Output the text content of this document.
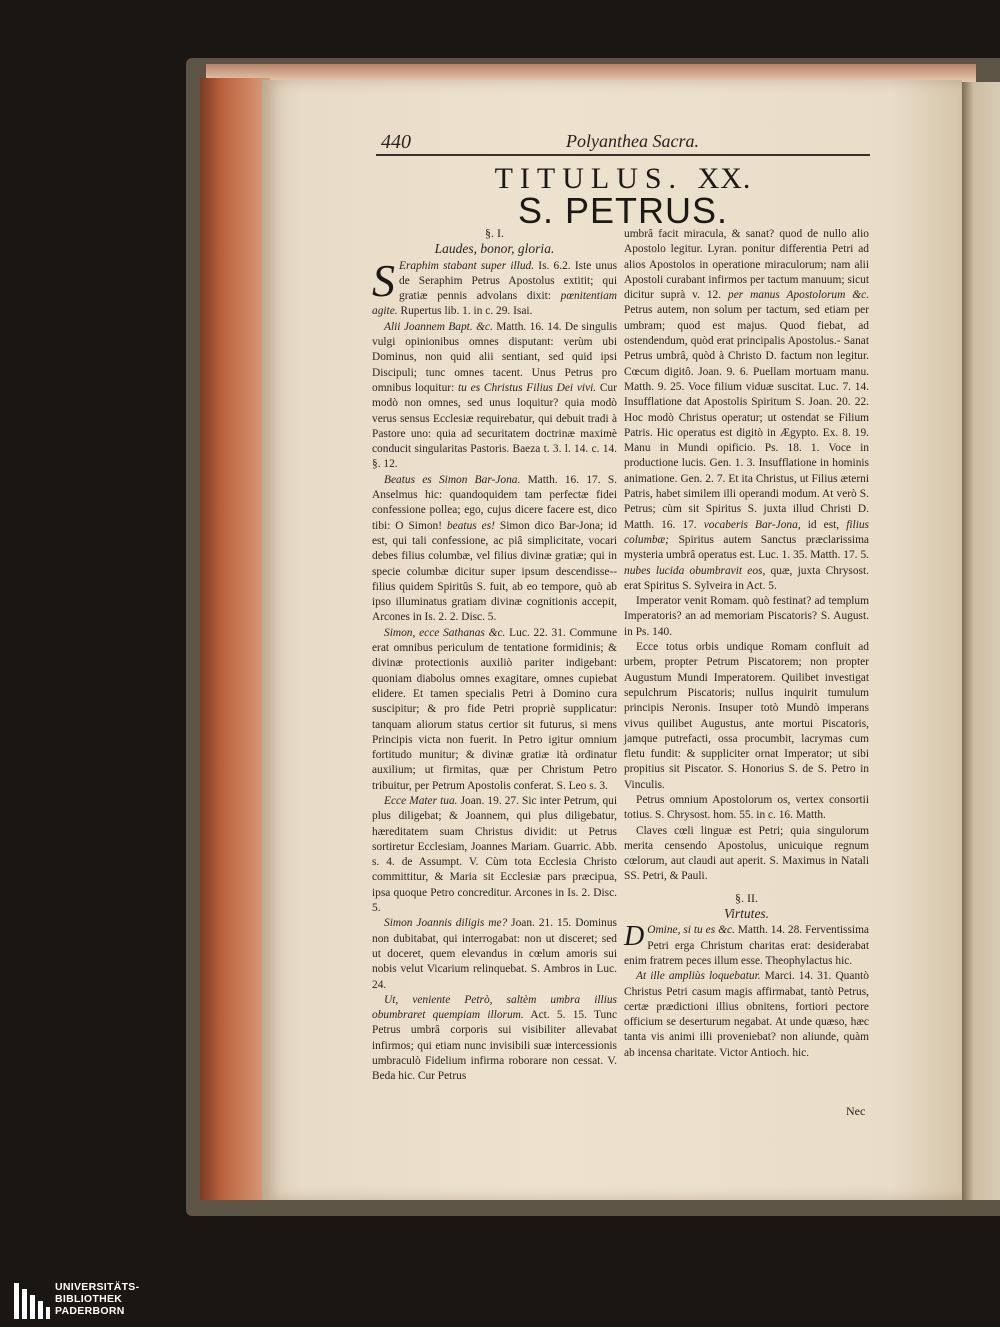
440	Polyanthea Sacra.
TITULUS. XX.
S. PETRUS.

§. I.

Laudes, bonor, gloria.

S Eraphim stabant super illud. Is. 6.2. Iste unus de Seraphim Petrus Apostolus extitit; qui gratiæ pennis advolans dixit: pœnitentiam agite. Rupertus lib. 1. in c. 29. Isai.

Alii Joannem Bapt. &c. Matth. 16. 14. De singulis vulgi opinionibus omnes disputant: verùm ubi Dominus, non quid alii sentiant, sed quid ipsi Discipuli; tunc omnes tacent. Unus Petrus pro omnibus loquitur: tu es Christus Filius Dei vivi. Cur modò non omnes, sed unus loquitur? quia modò verus sensus Ecclesiæ requirebatur, qui debuit tradi à Pastore uno: quia ad securitatem doctrinæ maximè conducit singularitas Pastoris. Baeza t. 3. l. 14. c. 14. §. 12.

Beatus es Simon Bar-Jona. Matth. 16. 17. S. Anselmus hic: quandoquidem tam perfectæ fidei confessione pollea; ego, cujus dicere facere est, dico tibi: O Simon! beatus es! Simon dico Bar-Jona; id est, qui tali confessione, ac piâ simplicitate, vocari debes filius columbæ, vel filius divinæ gratiæ; qui in specie columbæ dicitur super ipsum descendisse-- filius quidem Spiritûs S. fuit, ab eo tempore, quò ab ipso illuminatus gratiam divinæ cognitionis accepit, Arcones in Is. 2. 2. Disc. 5.

Simon, ecce Sathanas &c. Luc. 22. 31. Commune erat omnibus periculum de tentatione formidinis; & divinæ protectionis auxiliò pariter indigebant: quoniam diabolus omnes exagitare, omnes cupiebat elidere. Et tamen specialis Petri à Domino cura suscipitur; & pro fide Petri propriè supplicatur: tanquam aliorum status certior sit futurus, si mens Principis victa non fuerit. In Petro igitur omnium fortitudo munitur; & divinæ gratiæ ità ordinatur auxilium; ut firmitas, quæ per Christum Petro tribuitur, per Petrum Apostolis conferat. S. Leo s. 3.

Ecce Mater tua. Joan. 19. 27. Sic inter Petrum, qui plus diligebat; & Joannem, qui plus diligebatur, hæreditatem suam Christus dividit: ut Petrus sortiretur Ecclesiam, Joannes Mariam. Guarric. Abb. s. 4. de Assumpt. V. Cùm tota Ecclesia Christo committitur, & Maria sit Ecclesiæ pars præcipua, ipsa quoque Petro concreditur. Arcones in Is. 2. Disc. 5.

Simon Joannis diligis me? Joan. 21. 15. Dominus non dubitabat, qui interrogabat: non ut disceret; sed ut doceret, quem elevandus in cœlum amoris sui nobis velut Vicarium relinquebat. S. Ambros in Luc. 24.

Ut, veniente Petrò, saltèm umbra illius obumbraret quempiam illorum. Act. 5. 15. Tunc Petrus umbrâ corporis sui visibiliter allevabat infirmos; qui etiam nunc invisibili suæ intercessionis umbraculò Fidelium infirma roborare non cessat. V. Beda hic. Cur Petrus

umbrâ facit miracula, & sanat? quod de nullo alio Apostolo legitur. Lyran. ponitur differentia Petri ad alios Apostolos in operatione miraculorum; nam alii Apostoli curabant infirmos per tactum manuum; sicut dicitur suprà v. 12. per manus Apostolorum &c. Petrus autem, non solum per tactum, sed etiam per umbram; quod est majus. Quod fiebat, ad ostendendum, quòd erat principalis Apostolus.- Sanat Petrus umbrâ, quòd à Christo D. factum non legitur. Cœcum digitô. Joan. 9. 6. Puellam mortuam manu. Matth. 9. 25. Voce filium viduæ suscitat. Luc. 7. 14. Insufflatione dat Apostolis Spiritum S. Joan. 20. 22. Hoc modò Christus operatur; ut ostendat se Filium Patris. Hic operatus est digitò in Ægypto. Ex. 8. 19. Manu in Mundi opificio. Ps. 18. 1. Voce in productione lucis. Gen. 1. 3. Insufflatione in hominis animatione. Gen. 2. 7. Et ita Christus, ut Filius æterni Patris, habet similem illi operandi modum. At verò S. Petrus; cùm sit Spiritus S. juxta illud Christi D. Matth. 16. 17. vocaberis Bar-Jona, id est, filius columbæ; Spiritus autem Sanctus præclarissima mysteria umbrâ operatus est. Luc. 1. 35. Matth. 17. 5. nubes lucida obumbravit eos, quæ, juxta Chrysost. erat Spiritus S. Sylveira in Act. 5.

Imperator venit Romam. quò festinat? ad templum Imperatoris? an ad memoriam Piscatoris? S. August. in Ps. 140.

Ecce totus orbis undique Romam confluit ad urbem, propter Petrum Piscatorem; non propter Augustum Mundi Imperatorem. Quilibet investigat sepulchrum Piscatoris; nullus inquirit tumulum principis Neronis. Insuper totò Mundò imperans vivus quilibet Augustus, ante mortui Piscatoris, jamque putrefacti, ossa procumbit, lacrymas cum fletu fundit: & suppliciter ornat Imperator; ut sibi propitius sit Piscator. S. Honorius S. de S. Petro in Vinculis.

Petrus omnium Apostolorum os, vertex consortii totius. S. Chrysost. hom. 55. in c. 16. Matth.

Claves cœli linguæ est Petri; quia singulorum merita censendo Apostolus, unicuique regnum cœlorum, aut claudi aut aperit. S. Maximus in Natali SS. Petri, & Pauli.

§. II.

Virtutes.

D Omine, si tu es &c. Matth. 14. 28. Ferventissima Petri erga Christum charitas erat: desiderabat enim fratrem peces illum esse. Theophylactus hic.

At ille ampliùs loquebatur. Marci. 14. 31. Quantò Christus Petri casum magis affirmabat, tantò Petrus, certæ prædictioni illius obnitens, fortiori pectore officium se deserturum negabat. At unde quæso, hæc tanta vis animi illi proveniebat? non aliunde, quàm ab incensa charitate. Victor Antioch. hic.

Nec
UNIVERSITÄTS-
BIBLIOTHEK
PADERBORN
